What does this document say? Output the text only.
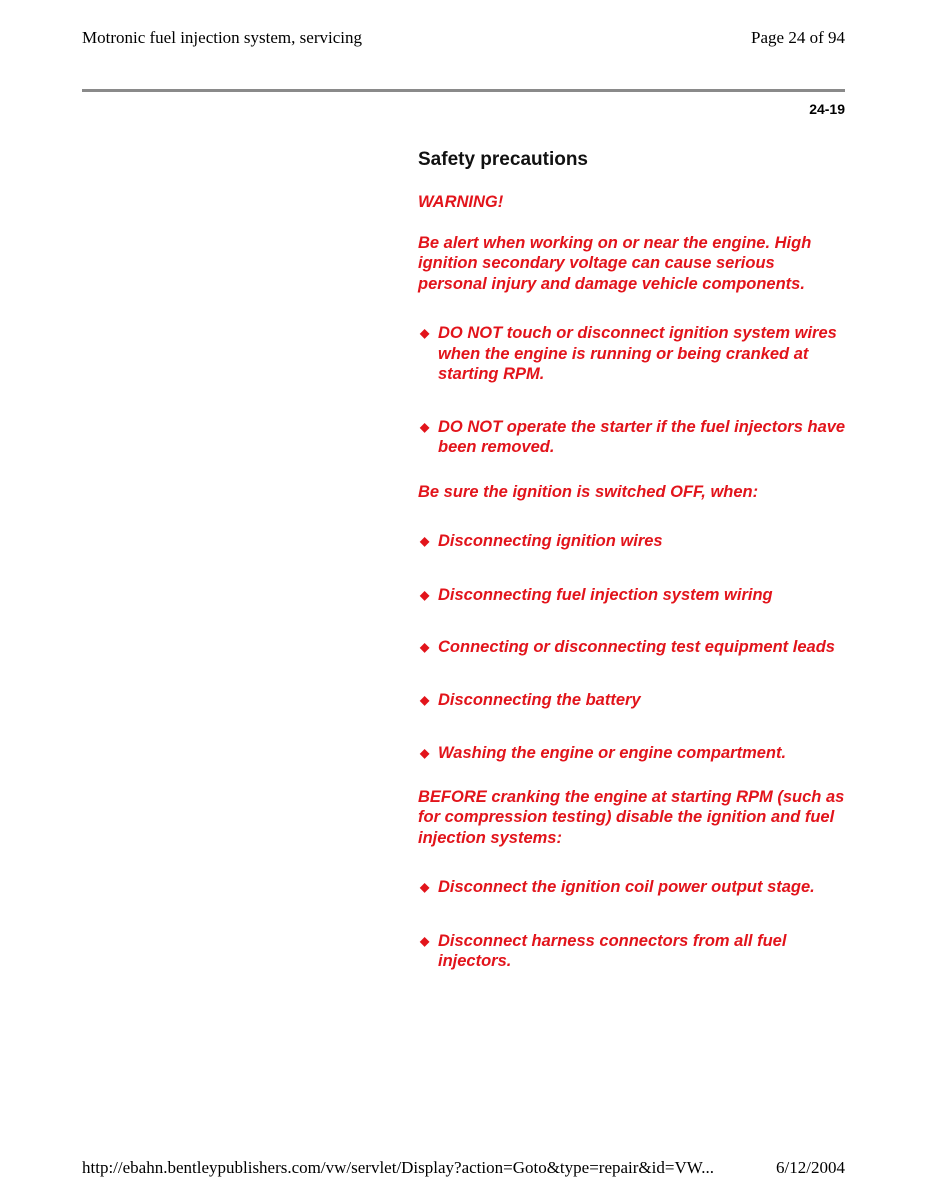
Motronic fuel injection system, servicing	Page 24 of 94
24-19
Safety precautions
WARNING!
Be alert when working on or near the engine. High ignition secondary voltage can cause serious personal injury and damage vehicle components.
◆ DO NOT touch or disconnect ignition system wires when the engine is running or being cranked at starting RPM.
◆ DO NOT operate the starter if the fuel injectors have been removed.
Be sure the ignition is switched OFF, when:
◆ Disconnecting ignition wires
◆ Disconnecting fuel injection system wiring
◆ Connecting or disconnecting test equipment leads
◆ Disconnecting the battery
◆ Washing the engine or engine compartment.
BEFORE cranking the engine at starting RPM (such as for compression testing) disable the ignition and fuel injection systems:
◆ Disconnect the ignition coil power output stage.
◆ Disconnect harness connectors from all fuel injectors.
http://ebahn.bentleypublishers.com/vw/servlet/Display?action=Goto&type=repair&id=VW...	6/12/2004
